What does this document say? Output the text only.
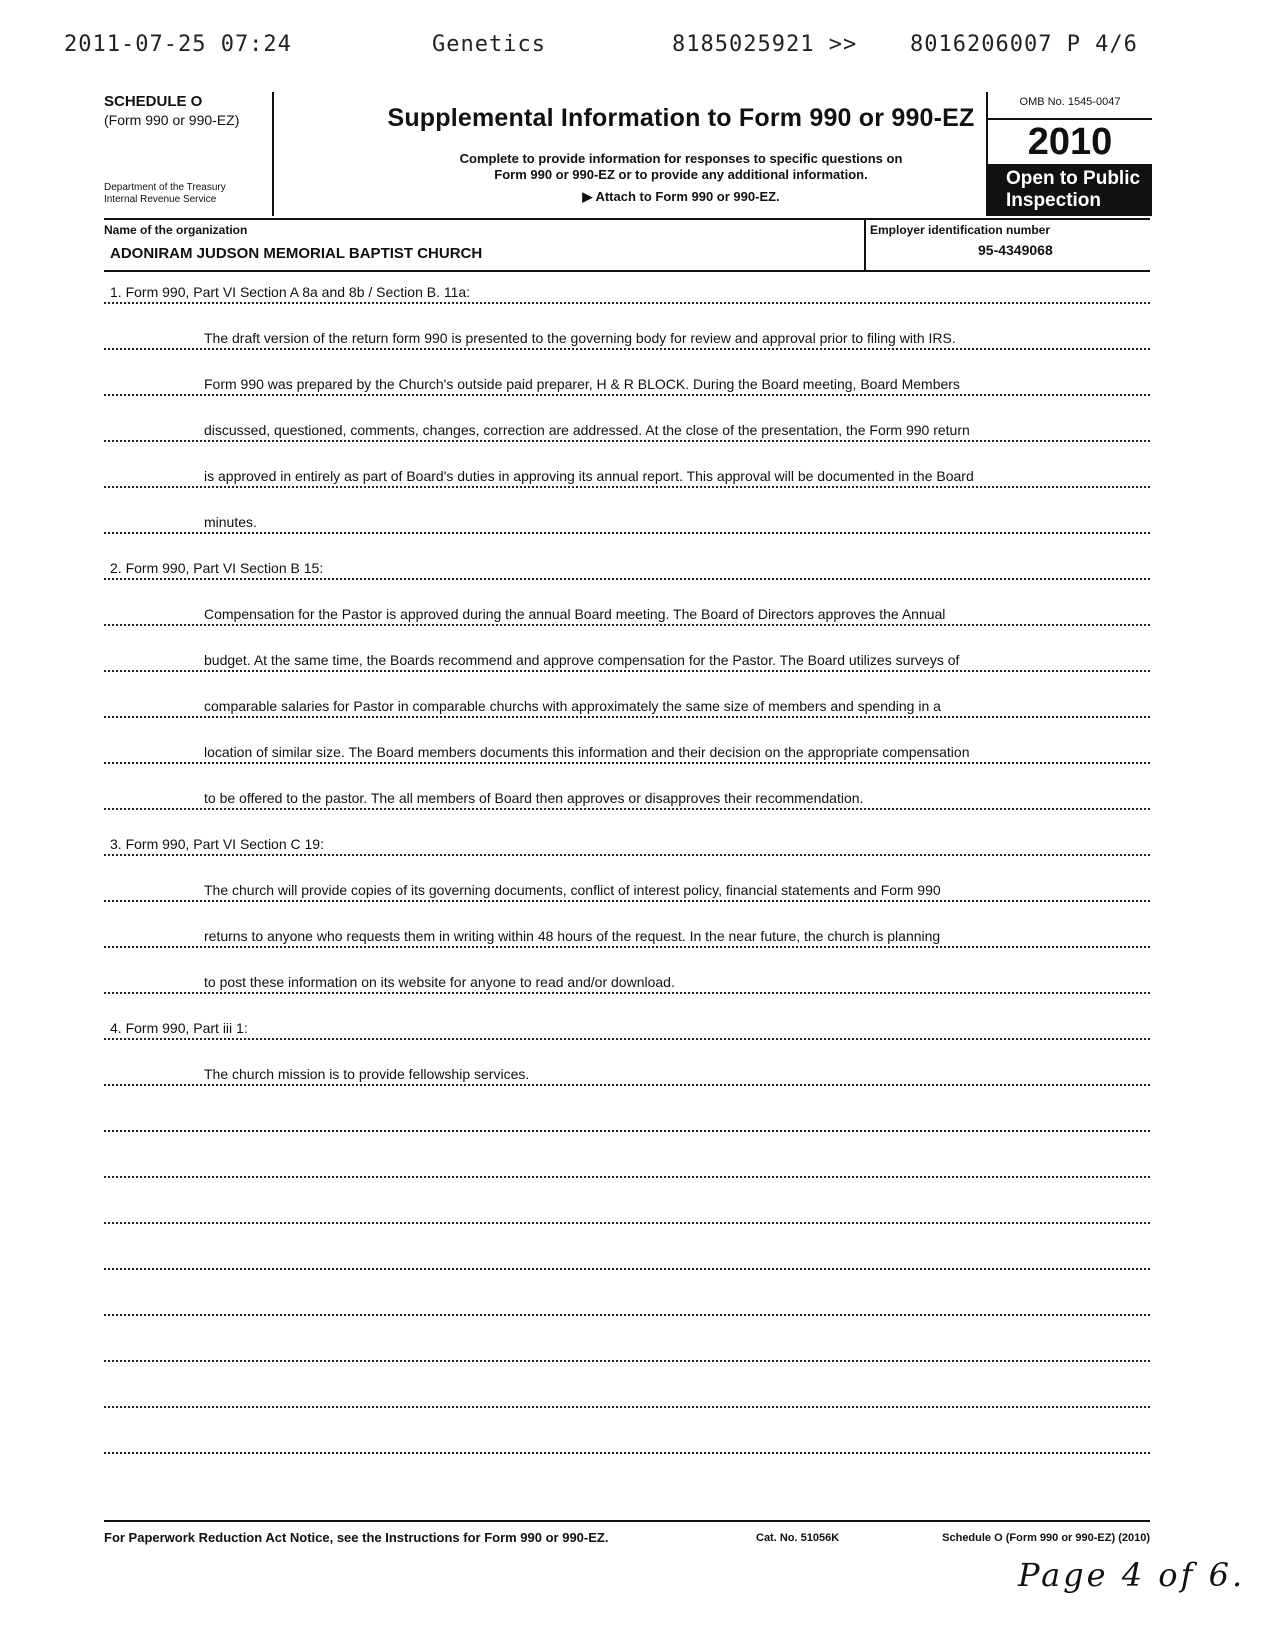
2011-07-25 07:24	Genetics	8185025921 >> 8016206007 P 4/6
SCHEDULE O
(Form 990 or 990-EZ)
Department of the Treasury
Internal Revenue Service
Supplemental Information to Form 990 or 990-EZ
Complete to provide information for responses to specific questions on
Form 990 or 990-EZ or to provide any additional information.
▶ Attach to Form 990 or 990-EZ.
OMB No. 1545-0047
2010
Open to Public
Inspection
Name of the organization
ADONIRAM JUDSON MEMORIAL BAPTIST CHURCH
Employer identification number
95-4349068
1. Form 990, Part VI Section A 8a and 8b / Section B. 11a:
The draft version of the return form 990 is presented to the governing body for review and approval prior to filing with IRS.
Form 990 was prepared by the Church's outside paid preparer, H & R BLOCK. During the Board meeting, Board Members
discussed, questioned, comments, changes, correction are addressed. At the close of the presentation, the Form 990 return
is approved in entirely as part of Board's duties in approving its annual report. This approval will be documented in the Board
minutes.
2. Form 990, Part VI Section B 15:
Compensation for the Pastor is approved during the annual Board meeting. The Board of Directors approves the Annual
budget. At the same time, the Boards recommend and approve compensation for the Pastor. The Board utilizes surveys of
comparable salaries for Pastor in comparable churchs with approximately the same size of members and spending in a
location of similar size. The Board members documents this information and their decision on the appropriate compensation
to be offered to the pastor. The all members of Board then approves or disapproves their recommendation.
3. Form 990, Part VI Section C 19:
The church will provide copies of its governing documents, conflict of interest policy, financial statements and Form 990
returns to anyone who requests them in writing within 48 hours of the request. In the near future, the church is planning
to post these information on its website for anyone to read and/or download.
4. Form 990, Part iii 1:
The church mission is to provide fellowship services.
For Paperwork Reduction Act Notice, see the Instructions for Form 990 or 990-EZ.	Cat. No. 51056K	Schedule O (Form 990 or 990-EZ) (2010)
Page 4 of 6.
